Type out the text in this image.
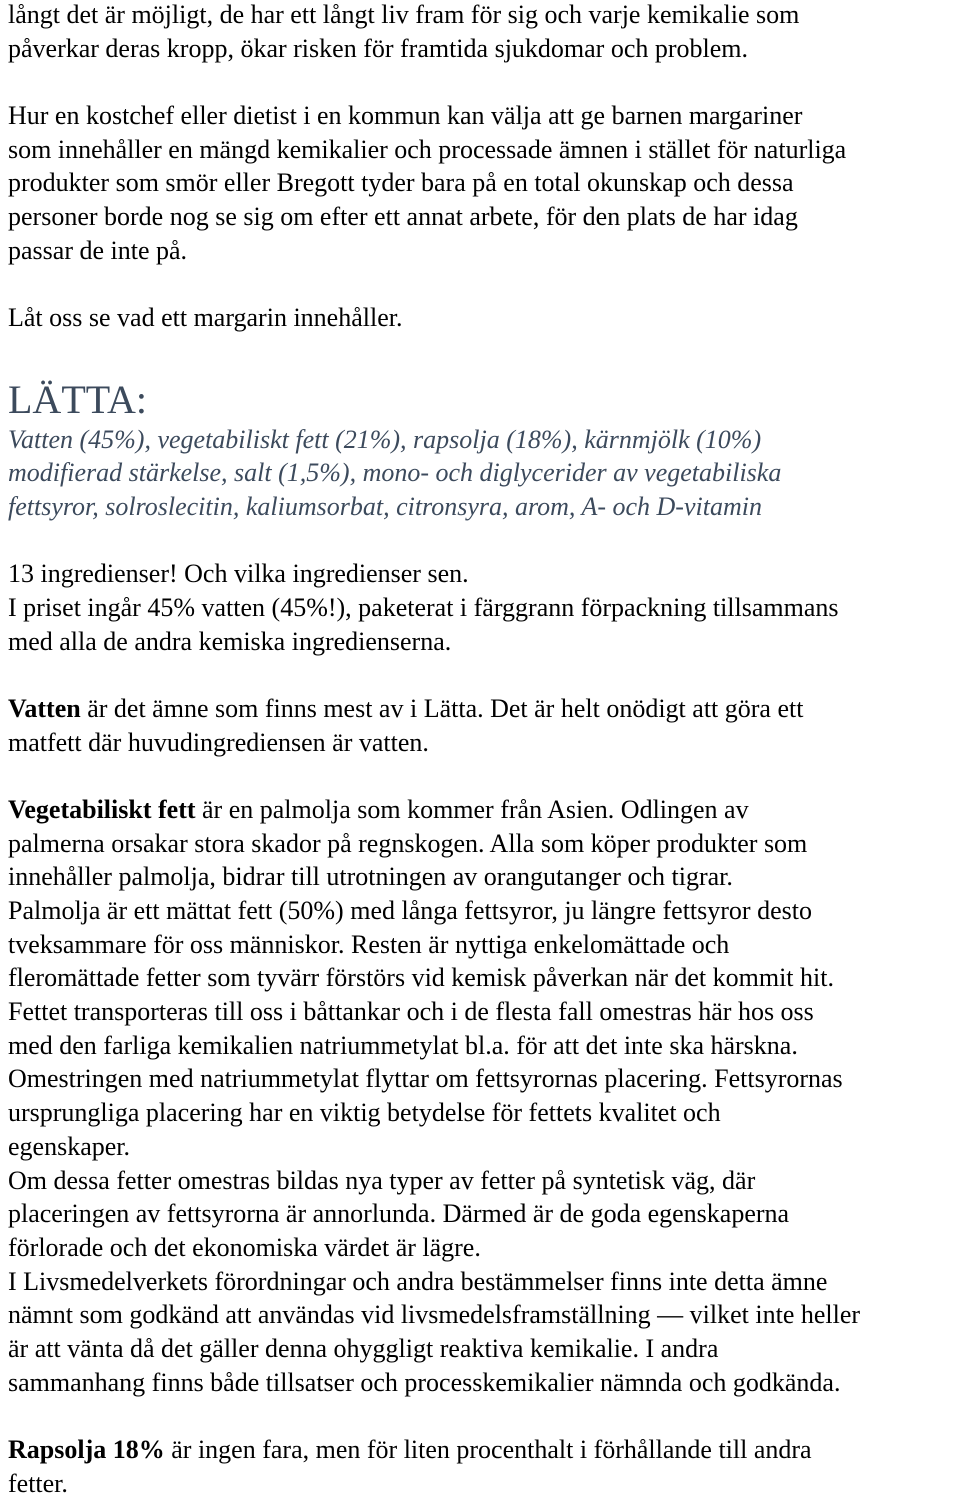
långt det är möjligt, de har ett långt liv fram för sig och varje kemikalie som
påverkar deras kropp, ökar risken för framtida sjukdomar och problem.
Hur en kostchef eller dietist i en kommun kan välja att ge barnen margariner
som innehåller en mängd kemikalier och processade ämnen i stället för naturliga
produkter som smör eller Bregott tyder bara på en total okunskap och dessa
personer borde nog se sig om efter ett annat arbete, för den plats de har idag
passar de inte på.
Låt oss se vad ett margarin innehåller.
LÄTTA:
Vatten (45%), vegetabiliskt fett (21%), rapsolja (18%), kärnmjölk (10%)
modifierad stärkelse, salt (1,5%), mono- och diglycerider av vegetabiliska
fettsyror, solroslecitin, kaliumsorbat, citronsyra, arom, A- och D-vitamin
13 ingredienser! Och vilka ingredienser sen.
I priset ingår 45% vatten (45%!), paketerat i färggrann förpackning tillsammans
med alla de andra kemiska ingredienserna.
Vatten är det ämne som finns mest av i Lätta. Det är helt onödigt att göra ett
matfett där huvudingrediensen är vatten.
Vegetabiliskt fett är en palmolja som kommer från Asien. Odlingen av
palmerna orsakar stora skador på regnskogen. Alla som köper produkter som
innehåller palmolja, bidrar till utrotningen av orangutanger och tigrar.
Palmolja är ett mättat fett (50%) med långa fettsyror, ju längre fettsyror desto
tveksammare för oss människor. Resten är nyttiga enkelomättade och
fleromättade fetter som tyvärr förstörs vid kemisk påverkan när det kommit hit.
Fettet transporteras till oss i båttankar och i de flesta fall omestras här hos oss
med den farliga kemikalien natriummetylat bl.a. för att det inte ska härskna.
Omestringen med natriummetylat flyttar om fettsyrornas placering. Fettsyrornas
ursprungliga placering har en viktig betydelse för fettets kvalitet och
egenskaper.
Om dessa fetter omestras bildas nya typer av fetter på syntetisk väg, där
placeringen av fettsyrorna är annorlunda. Därmed är de goda egenskaperna
förlorade och det ekonomiska värdet är lägre.
I Livsmedelverkets förordningar och andra bestämmelser finns inte detta ämne
nämnt som godkänd att användas vid livsmedelsframställning — vilket inte heller
är att vänta då det gäller denna ohyggligt reaktiva kemikalie. I andra
sammanhang finns både tillsatser och processkemikalier nämnda och godkända.
Rapsolja 18% är ingen fara, men för liten procenthalt i förhållande till andra
fetter.
